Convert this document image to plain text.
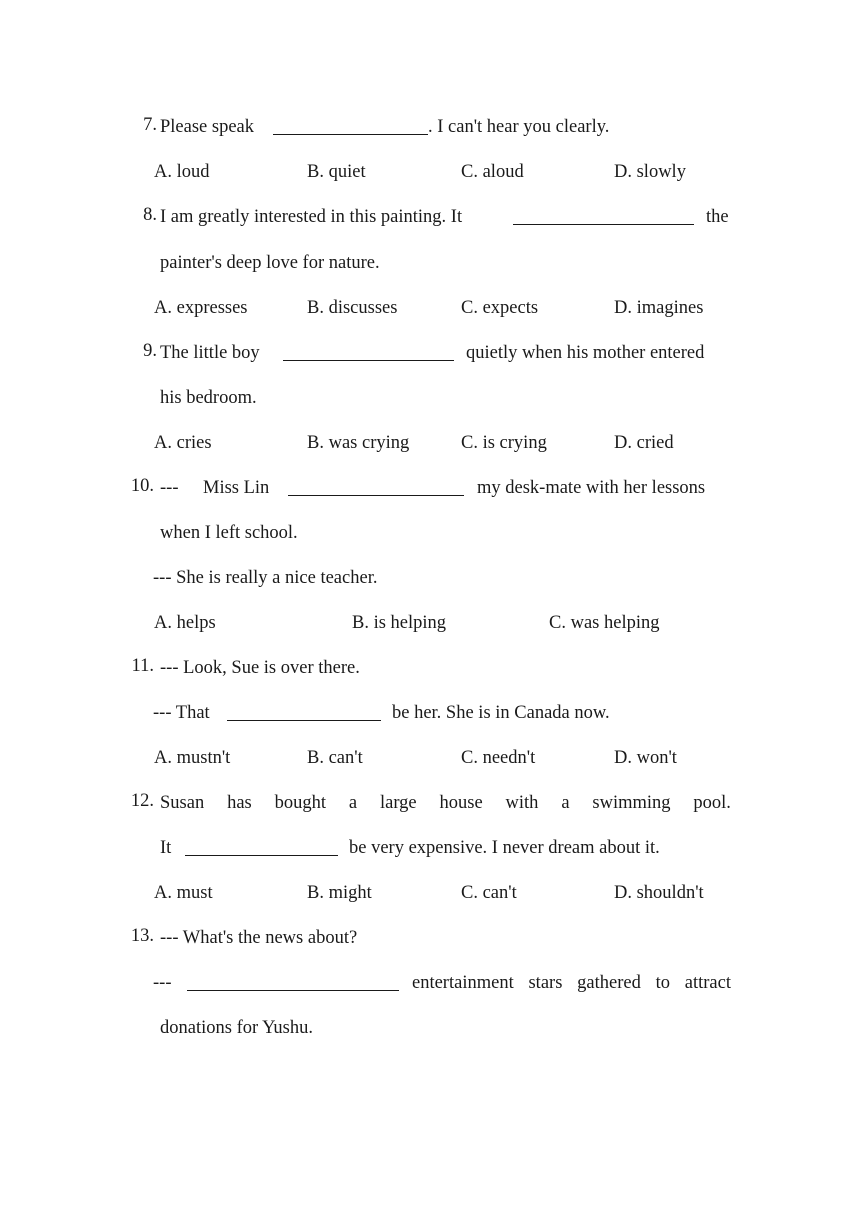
7. Please speak	. I can't hear you clearly.
A. loud	B. quiet	C. aloud	D. slowly
8. I am greatly interested in this painting. It	the
painter's deep love for nature.
A. expresses	B. discusses	C. expects	D. imagines
9. The little boy	quietly when his mother entered
his bedroom.
A. cries	B. was crying	C. is crying	D. cried
10. --- Miss Lin	my desk-mate with her lessons
when I left school.
--- She is really a nice teacher.
A. helps	B. is helping	C. was helping
11. --- Look, Sue is over there.
--- That	be her. She is in Canada now.
A. mustn't	B. can't	C. needn't	D. won't
12. Susan has bought a large house with a swimming pool.
It	be very expensive. I never dream about it.
A. must	B. might	C. can't	D. shouldn't
13. --- What's the news about?
---	entertainment stars gathered to attract
donations for Yushu.
